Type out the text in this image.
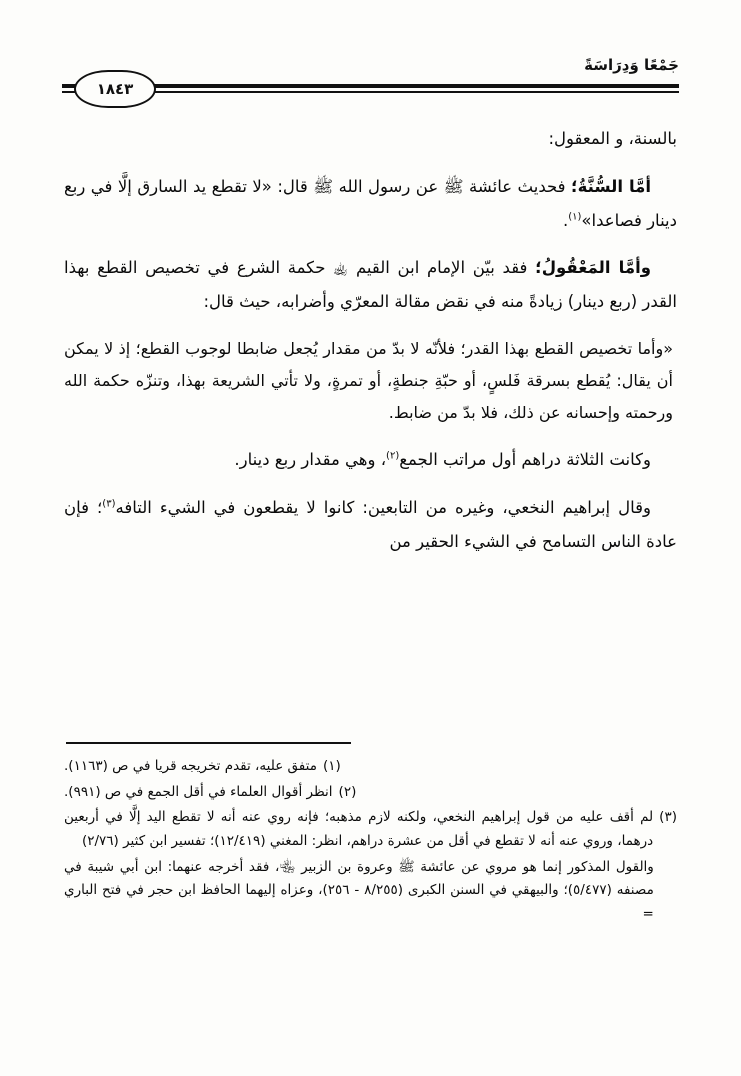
جَمْعًا وَدِرَاسَةً
١٨٤٣

بالسنة، و المعقول:

أمَّا السُّنَّةُ؛ فحديث عائشة ﷺ عن رسول الله ﷺ قال: «لا تقطع يد السارق إلَّا في ربع دينار فصاعدا»$^{(١)}$.

وأمَّا المَعْقُولُ؛ فقد بيّن الإمام ابن القيم ﵀ حكمة الشرع في تخصيص القطع بهذا القدر (ربع دينار) زيادةً منه في نقض مقالة المعرّي وأضرابه، حيث قال:

«وأما تخصيص القطع بهذا القدر؛ فلأنّه لا بدّ من مقدار يُجعل ضابطا لوجوب القطع؛ إذ لا يمكن أن يقال: يُقطع بسرقة فَلسٍ، أو حبّةِ جنطةٍ، أو تمرةٍ، ولا تأتي الشريعة بهذا، وتنزّه حكمة الله ورحمته وإحسانه عن ذلك، فلا بدّ من ضابط.

وكانت الثلاثة دراهم أول مراتب الجمع$^{(٢)}$، وهي مقدار ربع دينار.

وقال إبراهيم النخعي، وغيره من التابعين: كانوا لا يقطعون في الشيء التافه$^{(٣)}$؛ فإن عادة الناس التسامح في الشيء الحقير من

(١)
متفق عليه، تقدم تخريجه قريا في ص (١١٦٣).
(٢)
انظر أقوال العلماء في أقل الجمع في ص (٩٩١).
(٣)
لم أقف عليه من قول إبراهيم النخعي، ولكنه لازم مذهبه؛ فإنه روي عنه أنه لا تقطع اليد إلَّا في أربعين درهما، وروي عنه أنه لا تقطع في أقل من عشرة دراهم، انظر: المغني (١٢/٤١٩)؛ تفسير ابن كثير (٢/٧٦)

والقول المذكور إنما هو مروي عن عائشة ﷺ وعروة بن الزبير ﵄، فقد أخرجه عنهما: ابن أبي شيبة في مصنفه (٥/٤٧٧)؛ والبيهقي في السنن الكبرى (٨/٢٥٥ - ٢٥٦)، وعزاه إليهما الحافظ ابن حجر في فتح الباري =
